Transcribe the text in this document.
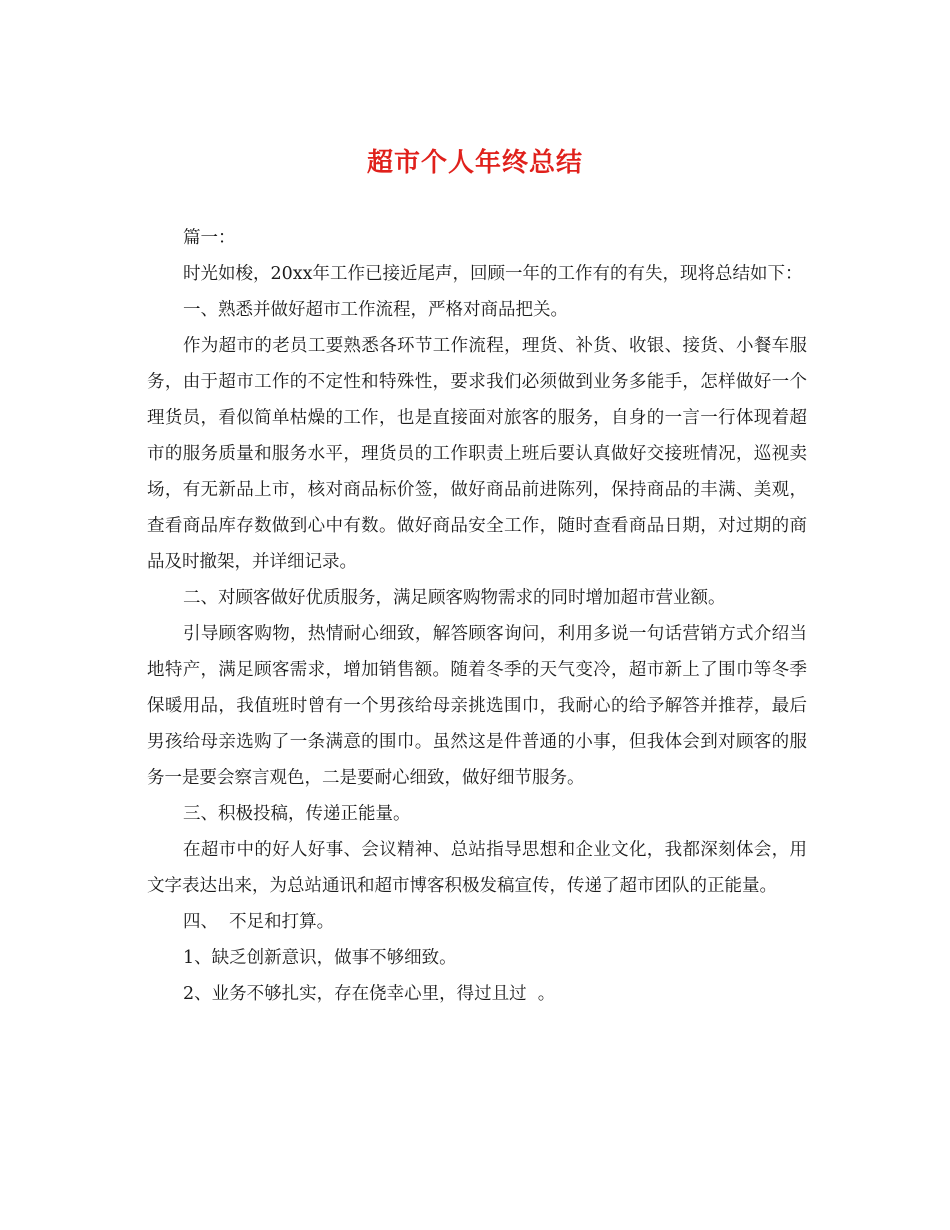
超市个人年终总结

篇一：

时光如梭，20xx年工作已接近尾声，回顾一年的工作有的有失，现将总结如下：

一、熟悉并做好超市工作流程，严格对商品把关。

作为超市的老员工要熟悉各环节工作流程，理货、补货、收银、接货、小餐车服务，由于超市工作的不定性和特殊性，要求我们必须做到业务多能手，怎样做好一个理货员，看似简单枯燥的工作，也是直接面对旅客的服务，自身的一言一行体现着超市的服务质量和服务水平，理货员的工作职责上班后要认真做好交接班情况，巡视卖场，有无新品上市，核对商品标价签，做好商品前进陈列，保持商品的丰满、美观，查看商品库存数做到心中有数。做好商品安全工作，随时查看商品日期，对过期的商品及时撤架，并详细记录。

二、对顾客做好优质服务，满足顾客购物需求的同时增加超市营业额。

引导顾客购物，热情耐心细致，解答顾客询问，利用多说一句话营销方式介绍当地特产，满足顾客需求，增加销售额。随着冬季的天气变冷，超市新上了围巾等冬季保暖用品，我值班时曾有一个男孩给母亲挑选围巾，我耐心的给予解答并推荐，最后男孩给母亲选购了一条满意的围巾。虽然这是件普通的小事，但我体会到对顾客的服务一是要会察言观色，二是要耐心细致，做好细节服务。

三、积极投稿，传递正能量。

在超市中的好人好事、会议精神、总站指导思想和企业文化，我都深刻体会，用文字表达出来，为总站通讯和超市博客积极发稿宣传，传递了超市团队的正能量。

四、  不足和打算。

1、缺乏创新意识，做事不够细致。

2、业务不够扎实，存在侥幸心里，得过且过  。
